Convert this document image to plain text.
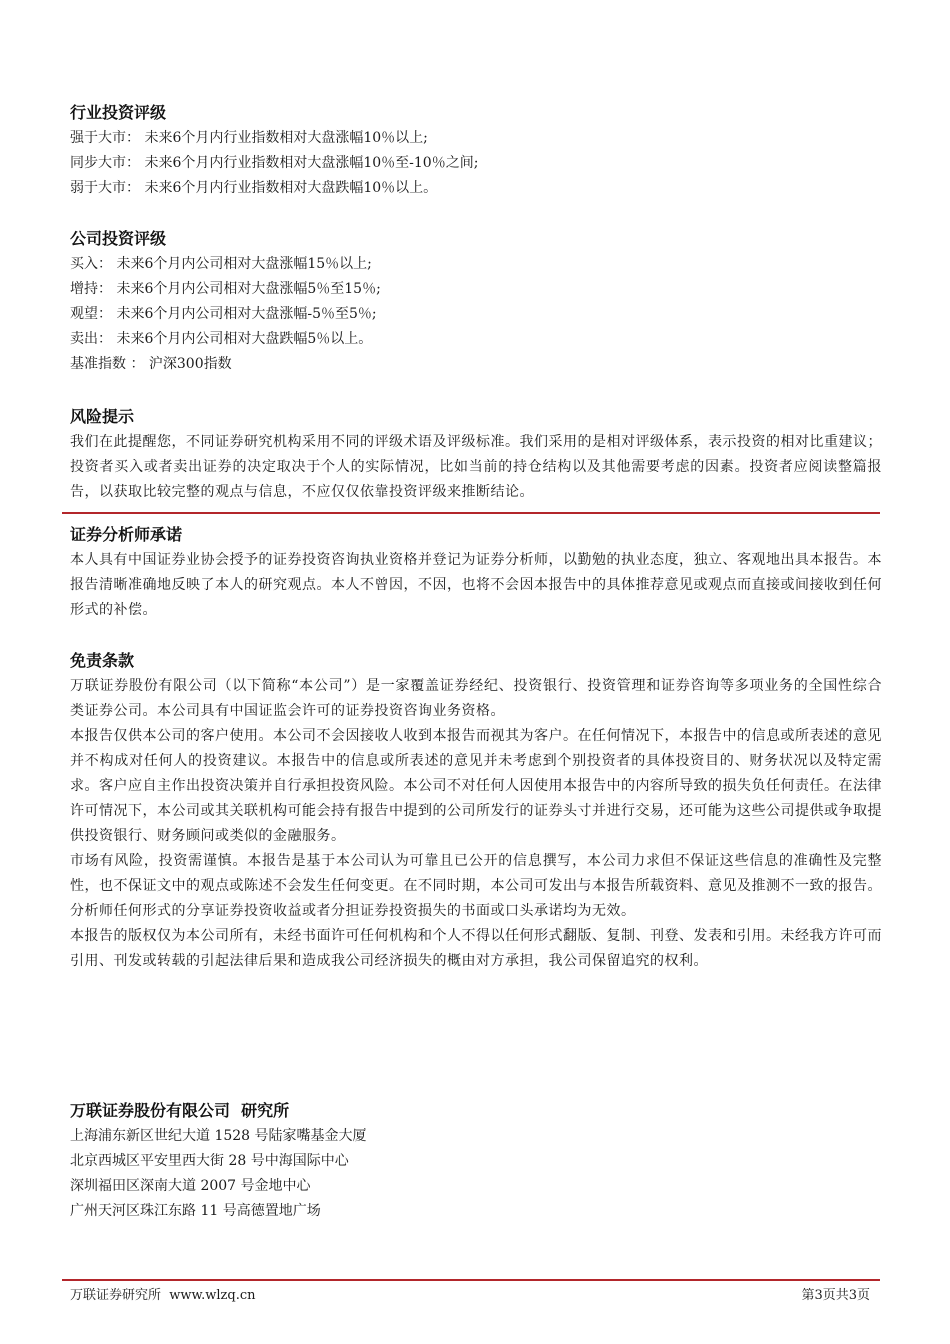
行业投资评级

强于大市： 未来6个月内行业指数相对大盘涨幅10％以上;

同步大市： 未来6个月内行业指数相对大盘涨幅10％至-10％之间;

弱于大市： 未来6个月内行业指数相对大盘跌幅10％以上。

公司投资评级

买入： 未来6个月内公司相对大盘涨幅15％以上;

增持： 未来6个月内公司相对大盘涨幅5％至15％;

观望： 未来6个月内公司相对大盘涨幅-5％至5％;

卖出： 未来6个月内公司相对大盘跌幅5％以上。

基准指数 ： 沪深300指数

风险提示

我们在此提醒您，不同证券研究机构采用不同的评级术语及评级标准。我们采用的是相对评级体系，表示投资的相对比重建议；投资者买入或者卖出证券的决定取决于个人的实际情况，比如当前的持仓结构以及其他需要考虑的因素。投资者应阅读整篇报告，以获取比较完整的观点与信息，不应仅仅依靠投资评级来推断结论。

证券分析师承诺

本人具有中国证券业协会授予的证券投资咨询执业资格并登记为证券分析师，以勤勉的执业态度，独立、客观地出具本报告。本报告清晰准确地反映了本人的研究观点。本人不曾因，不因，也将不会因本报告中的具体推荐意见或观点而直接或间接收到任何形式的补偿。

免责条款

万联证券股份有限公司（以下简称“本公司”）是一家覆盖证券经纪、投资银行、投资管理和证券咨询等多项业务的全国性综合类证券公司。本公司具有中国证监会许可的证券投资咨询业务资格。

本报告仅供本公司的客户使用。本公司不会因接收人收到本报告而视其为客户。在任何情况下，本报告中的信息或所表述的意见并不构成对任何人的投资建议。本报告中的信息或所表述的意见并未考虑到个别投资者的具体投资目的、财务状况以及特定需求。客户应自主作出投资决策并自行承担投资风险。本公司不对任何人因使用本报告中的内容所导致的损失负任何责任。在法律许可情况下，本公司或其关联机构可能会持有报告中提到的公司所发行的证券头寸并进行交易，还可能为这些公司提供或争取提供投资银行、财务顾问或类似的金融服务。

市场有风险，投资需谨慎。本报告是基于本公司认为可靠且已公开的信息撰写，本公司力求但不保证这些信息的准确性及完整性，也不保证文中的观点或陈述不会发生任何变更。在不同时期，本公司可发出与本报告所载资料、意见及推测不一致的报告。分析师任何形式的分享证券投资收益或者分担证券投资损失的书面或口头承诺均为无效。

本报告的版权仅为本公司所有，未经书面许可任何机构和个人不得以任何形式翻版、复制、刊登、发表和引用。未经我方许可而引用、刊发或转载的引起法律后果和造成我公司经济损失的概由对方承担，我公司保留追究的权利。

万联证券股份有限公司  研究所

上海浦东新区世纪大道 1528 号陆家嘴基金大厦

北京西城区平安里西大街 28 号中海国际中心

深圳福田区深南大道 2007 号金地中心

广州天河区珠江东路 11 号高德置地广场

万联证券研究所  www.wlzq.cn	第3页共3页
